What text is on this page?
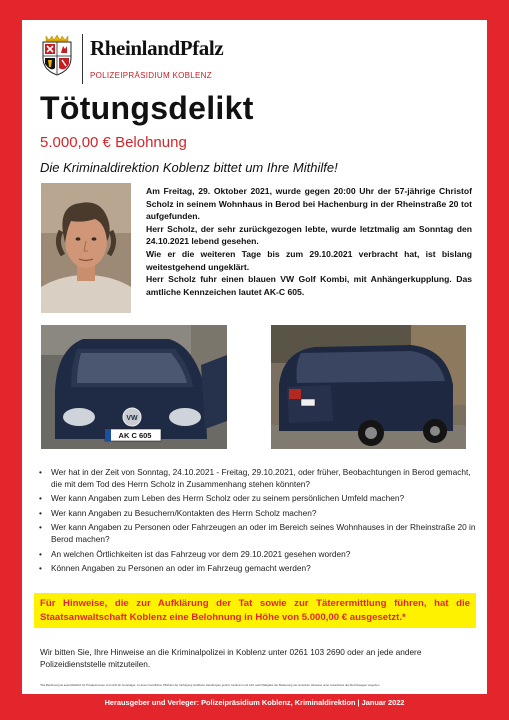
RheinlandPfalz
POLIZEIPRÄSIDIUM KOBLENZ
Tötungsdelikt
5.000,00 € Belohnung
Die Kriminaldirektion Koblenz bittet um Ihre Mithilfe!

Am Freitag, 29. Oktober 2021, wurde gegen 20:00 Uhr der 57-jährige Christof Scholz in seinem Wohnhaus in Berod bei Hachenburg in der Rheinstraße 20 tot aufgefunden.

Herr Scholz, der sehr zurückgezogen lebte, wurde letztmalig am Sonntag den 24.10.2021 lebend gesehen.

Wie er die weiteren Tage bis zum 29.10.2021 verbracht hat, ist bislang weitestgehend ungeklärt.

Herr Scholz fuhr einen blauen VW Golf Kombi, mit Anhängerkupplung. Das amtliche Kennzeichen lautet AK-C 605.

VW
AK C 605
• Wer hat in der Zeit von Sonntag, 24.10.2021 - Freitag, 29.10.2021, oder früher, Beobachtungen in Berod gemacht, die mit dem Tod des Herrn Scholz in Zusammenhang stehen könnten?
• Wer kann Angaben zum Leben des Herrn Scholz oder zu seinem persönlichen Umfeld machen?
• Wer kann Angaben zu Besuchern/Kontakten des Herrn Scholz machen?
• Wer kann Angaben zu Personen oder Fahrzeugen an oder im Bereich seines Wohnhauses in der Rheinstraße 20 in Berod machen?
• An welchen Örtlichkeiten ist das Fahrzeug vor dem 29.10.2021 gesehen worden?
• Können Angaben zu Personen an oder im Fahrzeug gemacht werden?
Für Hinweise, die zur Aufklärung der Tat sowie zur Täterermittlung führen, hat die Staatsanwaltschaft Koblenz eine Belohnung in Höhe von 5.000,00 € ausgesetzt.*
Wir bitten Sie, Ihre Hinweise an die Kriminalpolizei in Koblenz unter 0261 103 2690 oder an jede andere Polizeidienststelle mitzuteilen.
*Die Belohnung ist ausschließlich für Privatpersonen und nicht für Amtsträger, zu deren beruflichen Pflichten die Verfolgung strafbarer Handlungen gehört, bestimmt und wird nach Maßgabe der Bedeutung der einzelnen Hinweise unter Ausschluss des Rechtsweges vergeben.
Herausgeber und Verleger: Polizeipräsidium Koblenz, Kriminaldirektion | Januar 2022
